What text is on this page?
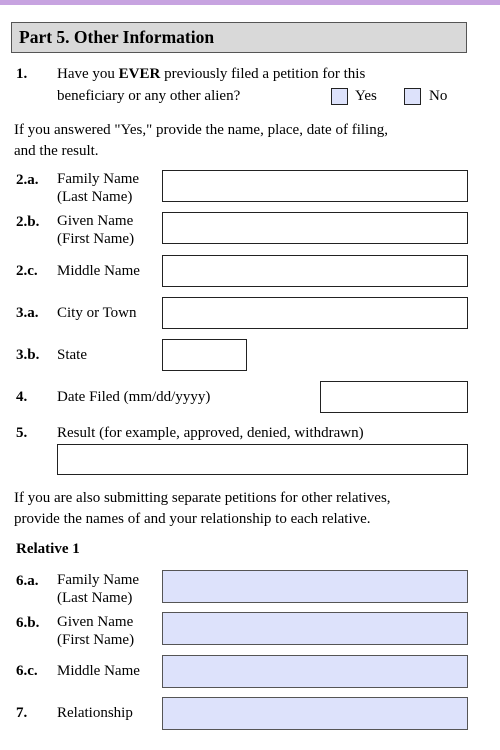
Part 5. Other Information
1. Have you EVER previously filed a petition for this
beneficiary or any other alien?	Yes	No
If you answered "Yes," provide the name, place, date of filing,
and the result.
2.a. Family Name
(Last Name)
2.b. Given Name
(First Name)
2.c. Middle Name
3.a. City or Town
3.b. State
4. Date Filed (mm/dd/yyyy)
5. Result (for example, approved, denied, withdrawn)
If you are also submitting separate petitions for other relatives,
provide the names of and your relationship to each relative.
Relative 1
6.a. Family Name
(Last Name)
6.b. Given Name
(First Name)
6.c. Middle Name
7. Relationship
